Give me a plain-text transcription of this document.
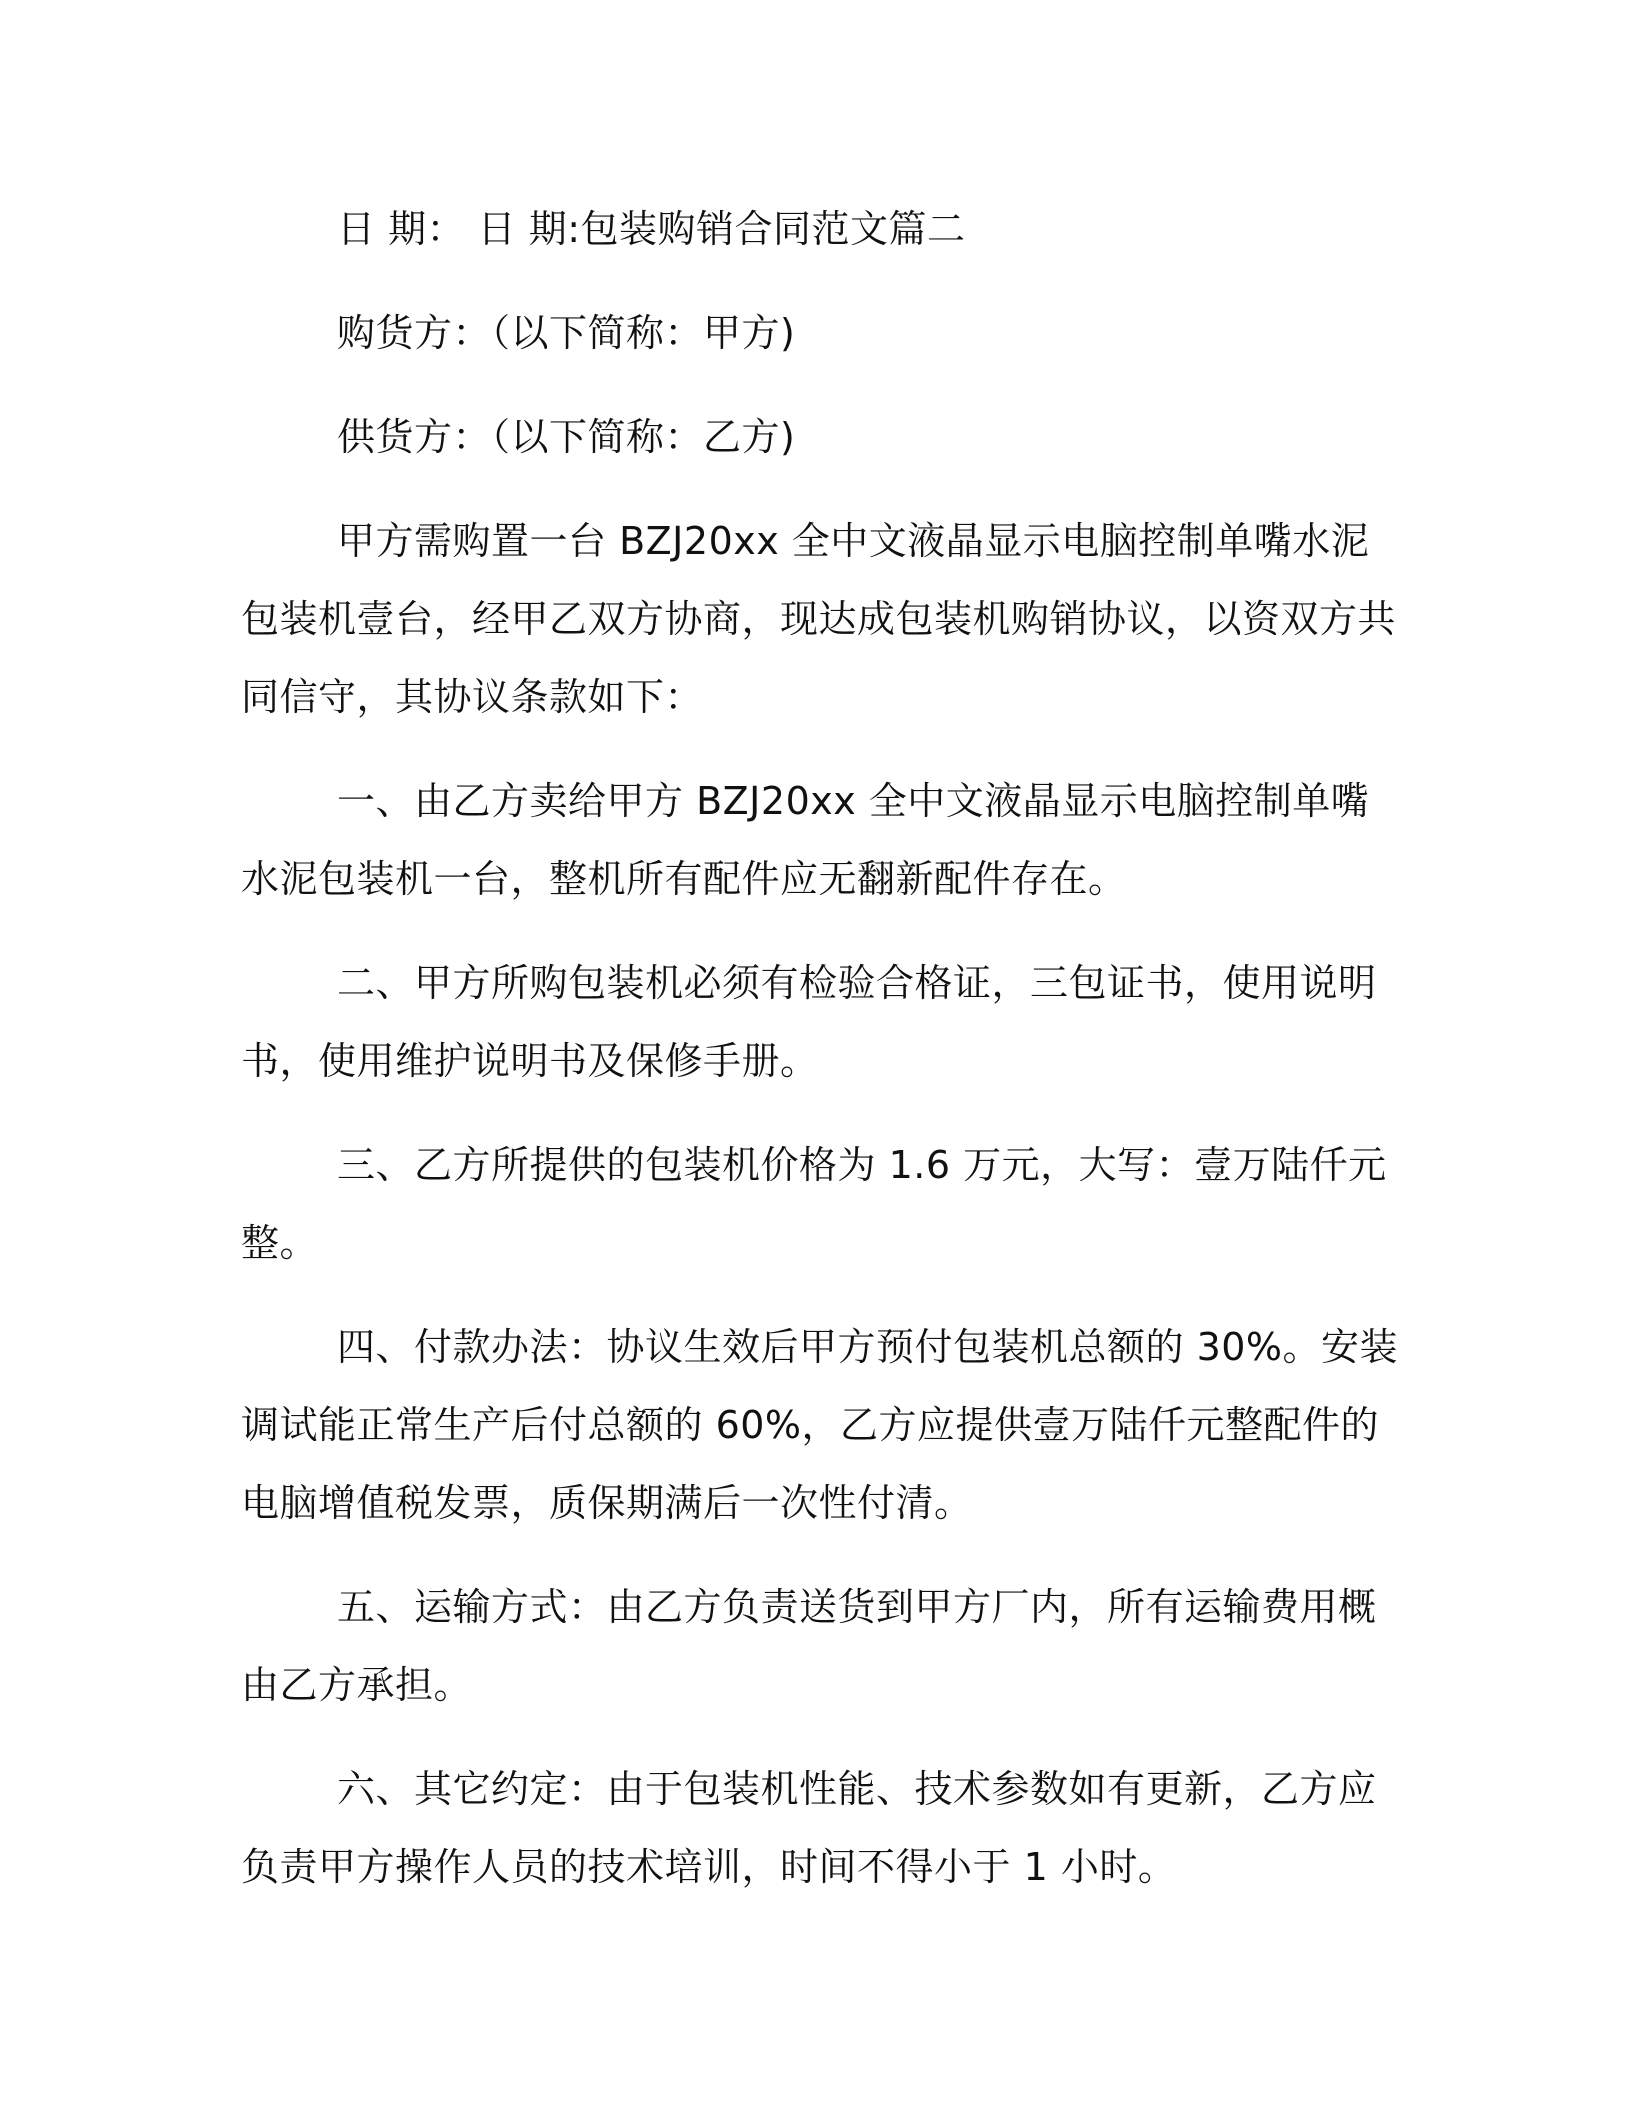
日 期： 日 期:包装购销合同范文篇二

购货方：（以下简称：甲方)

供货方：（以下简称：乙方)

甲方需购置一台 BZJ20xx 全中文液晶显示电脑控制单嘴水泥包装机壹台，经甲乙双方协商，现达成包装机购销协议，以资双方共同信守，其协议条款如下：

一、由乙方卖给甲方 BZJ20xx 全中文液晶显示电脑控制单嘴水泥包装机一台，整机所有配件应无翻新配件存在。

二、甲方所购包装机必须有检验合格证，三包证书，使用说明书，使用维护说明书及保修手册。

三、乙方所提供的包装机价格为 1.6 万元，大写：壹万陆仟元整。

四、付款办法：协议生效后甲方预付包装机总额的 30%。安装调试能正常生产后付总额的 60%，乙方应提供壹万陆仟元整配件的电脑增值税发票，质保期满后一次性付清。

五、运输方式：由乙方负责送货到甲方厂内，所有运输费用概由乙方承担。

六、其它约定：由于包装机性能、技术参数如有更新，乙方应负责甲方操作人员的技术培训，时间不得小于 1 小时。
